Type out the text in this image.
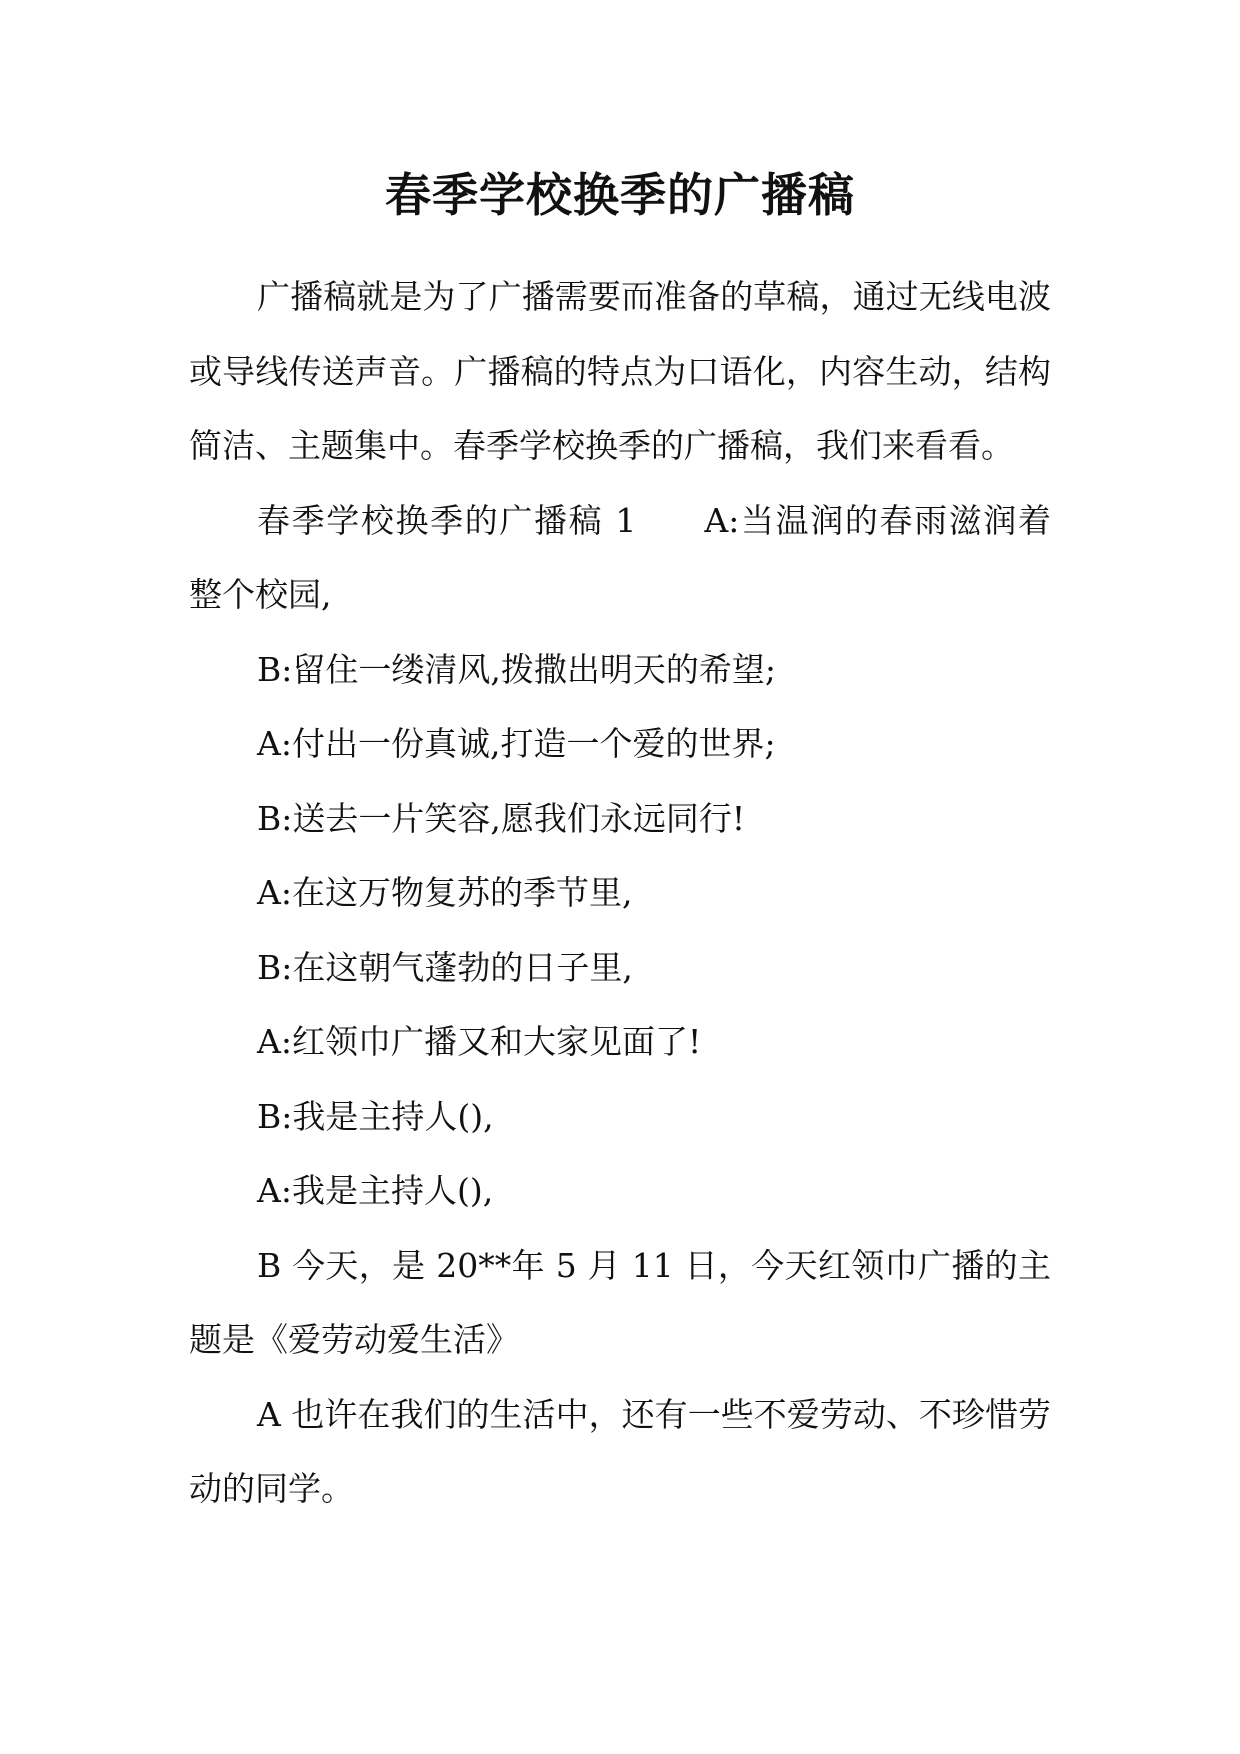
春季学校换季的广播稿

广播稿就是为了广播需要而准备的草稿，通过无线电波或导线传送声音。广播稿的特点为口语化，内容生动，结构简洁、主题集中。春季学校换季的广播稿，我们来看看。

春季学校换季的广播稿 1 A:当温润的春雨滋润着整个校园,

B:留住一缕清风,拨撒出明天的希望;

A:付出一份真诚,打造一个爱的世界;

B:送去一片笑容,愿我们永远同行!

A:在这万物复苏的季节里,

B:在这朝气蓬勃的日子里,

A:红领巾广播又和大家见面了!

B:我是主持人(),

A:我是主持人(),

B 今天，是 20**年 5 月 11 日，今天红领巾广播的主题是《爱劳动爱生活》

A 也许在我们的生活中，还有一些不爱劳动、不珍惜劳动的同学。
